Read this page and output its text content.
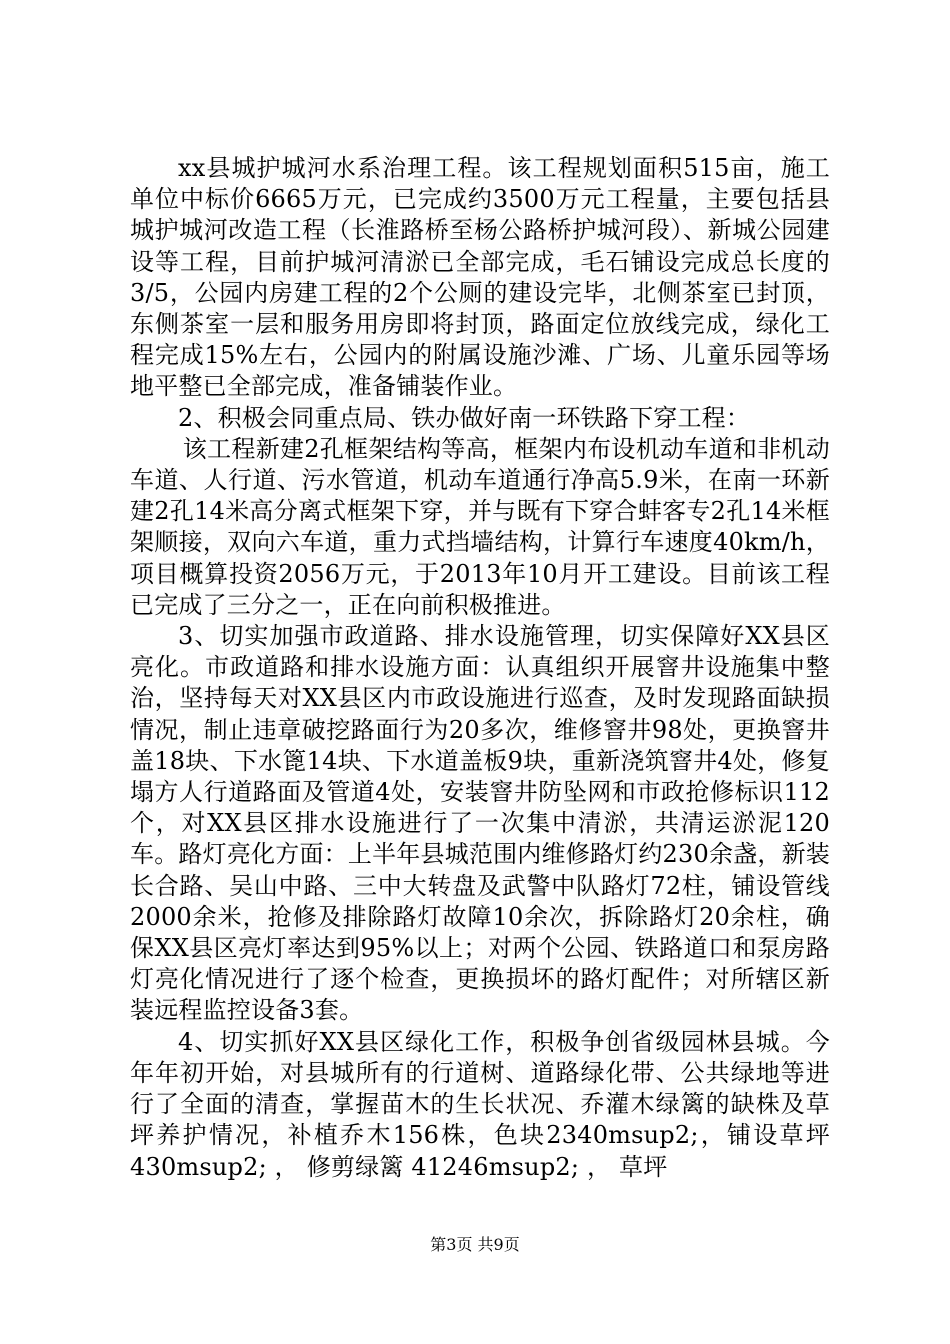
xx县城护城河水系治理工程。该工程规划面积515亩，施工单位中标价6665万元，已完成约3500万元工程量，主要包括县城护城河改造工程（长淮路桥至杨公路桥护城河段）、新城公园建设等工程，目前护城河清淤已全部完成，毛石铺设完成总长度的3/5，公园内房建工程的2个公厕的建设完毕，北侧茶室已封顶，东侧茶室一层和服务用房即将封顶，路面定位放线完成，绿化工程完成15%左右，公园内的附属设施沙滩、广场、儿童乐园等场地平整已全部完成，准备铺装作业。

2、积极会同重点局、铁办做好南一环铁路下穿工程：

该工程新建2孔框架结构等高，框架内布设机动车道和非机动车道、人行道、污水管道，机动车道通行净高5.9米，在南一环新建2孔14米高分离式框架下穿，并与既有下穿合蚌客专2孔14米框架顺接，双向六车道，重力式挡墙结构，计算行车速度40km/h，项目概算投资2056万元，于2013年10月开工建设。目前该工程已完成了三分之一，正在向前积极推进。

3、切实加强市政道路、排水设施管理，切实保障好XX县区亮化。市政道路和排水设施方面：认真组织开展窨井设施集中整治，坚持每天对XX县区内市政设施进行巡查，及时发现路面缺损情况，制止违章破挖路面行为20多次，维修窨井98处，更换窨井盖18块、下水篦14块、下水道盖板9块，重新浇筑窨井4处，修复塌方人行道路面及管道4处，安装窨井防坠网和市政抢修标识112个，对XX县区排水设施进行了一次集中清淤，共清运淤泥120车。路灯亮化方面：上半年县城范围内维修路灯约230余盏，新装长合路、吴山中路、三中大转盘及武警中队路灯72柱，铺设管线2000余米，抢修及排除路灯故障10余次，拆除路灯20余柱，确保XX县区亮灯率达到95%以上；对两个公园、铁路道口和泵房路灯亮化情况进行了逐个检查，更换损坏的路灯配件；对所辖区新装远程监控设备3套。

4、切实抓好XX县区绿化工作，积极争创省级园林县城。今年年初开始，对县城所有的行道树、道路绿化带、公共绿地等进行了全面的清查，掌握苗木的生长状况、乔灌木绿篱的缺株及草坪养护情况，补植乔木156株，色块2340msup2;，铺设草坪 430msup2; ， 修剪绿篱 41246msup2; ， 草坪

第3页 共9页
